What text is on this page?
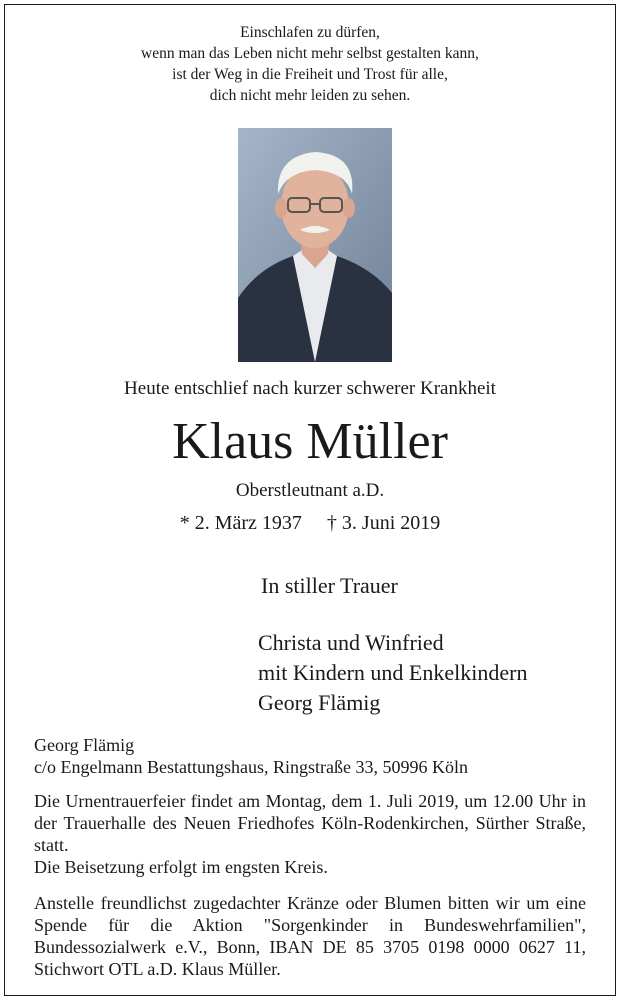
Einschlafen zu dürfen,
wenn man das Leben nicht mehr selbst gestalten kann,
ist der Weg in die Freiheit und Trost für alle,
dich nicht mehr leiden zu sehen.
Heute entschlief nach kurzer schwerer Krankheit
Klaus Müller
Oberstleutnant a.D.
* 2. März 1937 † 3. Juni 2019
In stiller Trauer
Christa und Winfried
mit Kindern und Enkelkindern
Georg Flämig
Georg Flämig
c/o Engelmann Bestattungshaus, Ringstraße 33, 50996 Köln
Die Urnentrauerfeier findet am Montag, dem 1. Juli 2019, um 12.00 Uhr in der Trauerhalle des Neuen Friedhofes Köln-Rodenkirchen, Sürther Straße, statt.
Die Beisetzung erfolgt im engsten Kreis.
Anstelle freundlichst zugedachter Kränze oder Blumen bitten wir um eine Spende für die Aktion "Sorgenkinder in Bundeswehrfamilien", Bundessozialwerk e.V., Bonn, IBAN DE 85 3705 0198 0000 0627 11, Stichwort OTL a.D. Klaus Müller.
